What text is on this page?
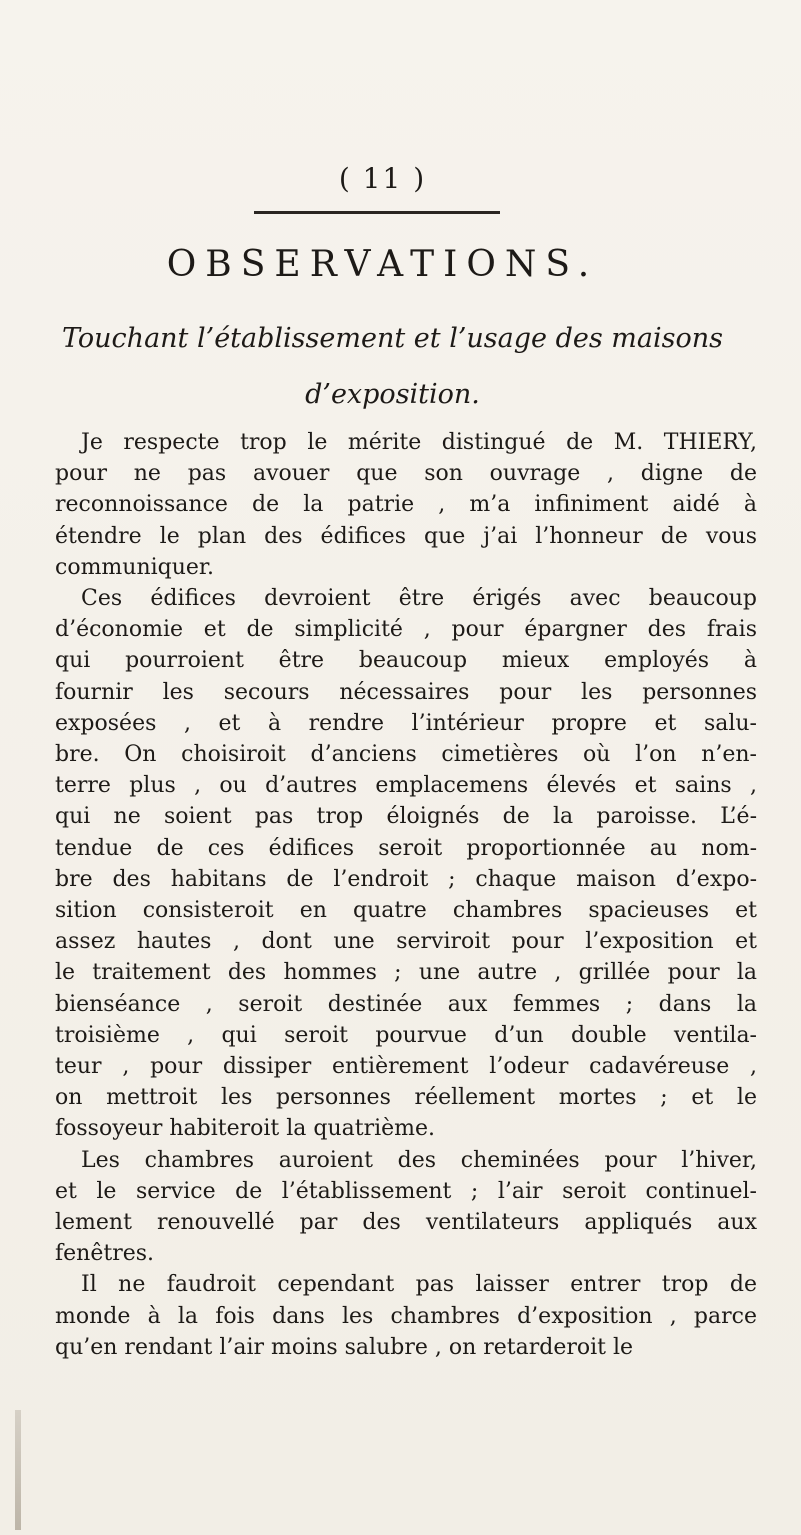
( 11 )
OBSERVATIONS.
Touchant l’établissement et l’usage des maisons
d’exposition.
Je respecte trop le mérite distingué de M. THIERY,
pour ne pas avouer que son ouvrage , digne de
reconnoissance de la patrie , m’a infiniment aidé à
étendre le plan des édifices que j’ai l’honneur de vous
communiquer.
Ces édifices devroient être érigés avec beaucoup
d’économie et de simplicité , pour épargner des frais
qui pourroient être beaucoup mieux employés à
fournir les secours nécessaires pour les personnes
exposées , et à rendre l’intérieur propre et salu-
bre. On choisiroit d’anciens cimetières où l’on n’en-
terre plus , ou d’autres emplacemens élevés et sains ,
qui ne soient pas trop éloignés de la paroisse. L’é-
tendue de ces édifices seroit proportionnée au nom-
bre des habitans de l’endroit ; chaque maison d’expo-
sition consisteroit en quatre chambres spacieuses et
assez hautes , dont une serviroit pour l’exposition et
le traitement des hommes ; une autre , grillée pour la
bienséance , seroit destinée aux femmes ; dans la
troisième , qui seroit pourvue d’un double ventila-
teur , pour dissiper entièrement l’odeur cadavéreuse ,
on mettroit les personnes réellement mortes ; et le
fossoyeur habiteroit la quatrième.
Les chambres auroient des cheminées pour l’hiver,
et le service de l’établissement ; l’air seroit continuel-
lement renouvellé par des ventilateurs appliqués aux
fenêtres.
Il ne faudroit cependant pas laisser entrer trop de
monde à la fois dans les chambres d’exposition , parce
qu’en rendant l’air moins salubre , on retarderoit le
